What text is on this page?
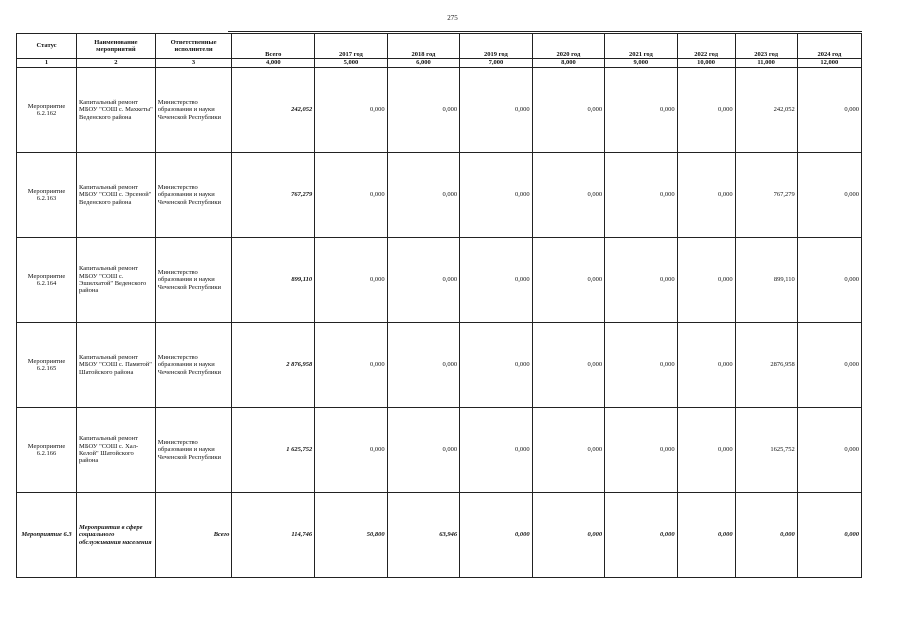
275
Статус	Наименование мероприятий	Ответственные исполнители	Всего	2017 год	2018 год	2019 год	2020 год	2021 год	2022 год	2023 год	2024 год
1	2	3	4,000	5,000	6,000	7,000	8,000	9,000	10,000	11,000	12,000
Мероприятие 6.2.162	Капитальный ремонт МБОУ "СОШ с. Махкеты" Веденского района	Министерство образования и науки Чеченской Республики	242,052	0,000	0,000	0,000	0,000	0,000	0,000	242,052	0,000
Мероприятие 6.2.163	Капитальный ремонт МБОУ "СОШ с. Эрсеной" Веденского района	Министерство образования и науки Чеченской Республики	767,279	0,000	0,000	0,000	0,000	0,000	0,000	767,279	0,000
Мероприятие 6.2.164	Капитальный ремонт МБОУ "СОШ с. Эшилхатой" Веденского района	Министерство образования и науки Чеченской Республики	899,110	0,000	0,000	0,000	0,000	0,000	0,000	899,110	0,000
Мероприятие 6.2.165	Капитальный ремонт МБОУ "СОШ с. Памятой" Шатойского района	Министерство образования и науки Чеченской Республики	2 876,958	0,000	0,000	0,000	0,000	0,000	0,000	2876,958	0,000
Мероприятие 6.2.166	Капитальный ремонт МБОУ "СОШ с. Хал-Келой" Шатойского района	Министерство образования и науки Чеченской Республики	1 625,752	0,000	0,000	0,000	0,000	0,000	0,000	1625,752	0,000
Мероприятие 6.3	Мероприятия в сфере социального обслуживания населения	Всего	114,746	50,800	63,946	0,000	0,000	0,000	0,000	0,000	0,000
